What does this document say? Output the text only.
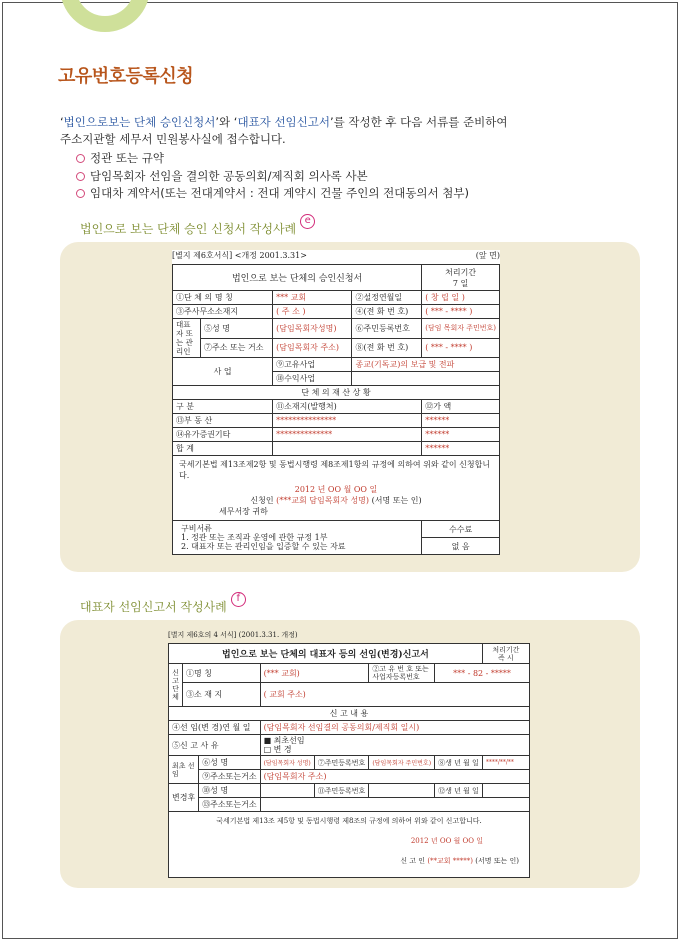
고유번호등록신청
‘법인으로보는 단체 승인신청서’와 ‘대표자 선임신고서’를 작성한 후 다음 서류를 준비하여
주소지관할 세무서 민원봉사실에 접수합니다.
정관 또는 규약
담임목회자 선임을 결의한 공동의회/제직회 의사록 사본
임대차 계약서(또는 전대계약서 : 전대 계약시 건물 주인의 전대동의서 첨부)
법인으로 보는 단체 승인 신청서 작성사례e
[별지 제6호서식] <개정 2001.3.31>	(앞 면)
법인으로 보는 단체의 승인신청서				처리기간
7 일

①단 체 의 명 칭		*** 교회	②설정연월일	( 창 립 일 )
③주사무소소재지		( 주 소 )	④(전 화 번 호)	( *** - **** )
대표자 또 는 관리인	⑤성 명	(담임목회자성명)	⑥주민등록번호	(담임 목회자 주민번호)
	⑦주소 또는 거소	(담임목회자 주소)	⑧(전 화 번 호)	( *** - **** )
사 업		⑨고유사업	종교(기독교)의 보급 및 전파	
		⑩수익사업		
단 체 의 재 산 상 황				
구 분		⑪소재지(발행처)		⑫가 액
⑬부 동 산		***************		******
⑭유가증권기타		**************		******
합 계				******

국세기본법 제13조제2항 및 동법시행령 제8조제1항의 규정에 의하여 위와 같이 신청합니다.
2012 년 OO 월 OO 일
신청인 (***교회 담임목회자 성명) (서명 또는 인)
세무서장 귀하				

구비서류
1. 정관 또는 조직과 운영에 관한 규정 1부
2. 대표자 또는 관리인임을 입증할 수 있는 자료				수수료
				없 음
대표자 선임신고서 작성사례f
[별지 제6호의 4 서식] (2001.3.31. 개정)
법인으로 보는 단체의 대표자 등의 선임(변경)신고서							처리기간
즉 시

신고단체	①명 칭		(*** 교회)		②고 유 번 호 또는 사업자등록번호	*** - 82 - *****	
	③소 재 지		( 교회 주소)				
신 고 내 용							
④선 임(변 경)연 월 일			(담임목회자 선임결의 공동의회/제직회 일시)				
⑤신 고 사 유			■ 최초선임
□ 변 경				

최초 선임		⑥성 명	(담임목회자 성명)	⑦주민등록번호	(담임목회자 주민번호)	⑧생 년 월 일	****/**/**
		⑨주소또는거소	(담임목회자 주소)				
변경후		⑩성 명		⑪주민등록번호		⑫생 년 월 일	
		⑬주소또는거소					

국세기본법 제13조 제5항 및 동법시행령 제8조의 규정에 의하여 위와 같이 신고합니다.
2012 년 OO 월 OO 일
신 고 인 (**교회 *****) (서명 또는 인)							
